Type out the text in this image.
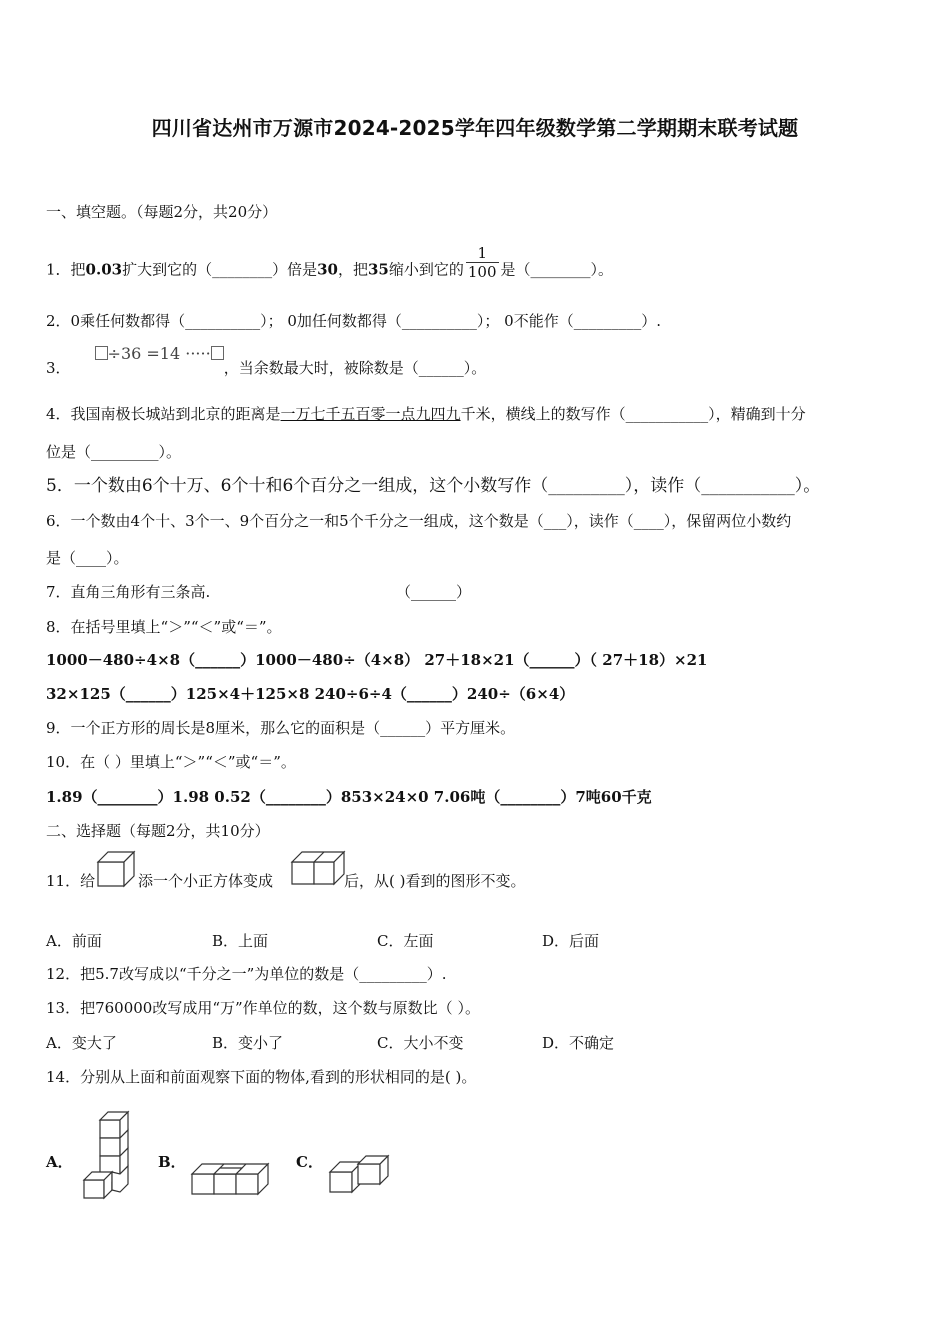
四川省达州市万源市2024-2025学年四年级数学第二学期期末联考试题
一、填空题。（每题2分，共20分）
1．把0.03扩大到它的（________）倍是30，把35缩小到它的 $\frac{1}{100}$ 是（________）。
2．0乘任何数都得（__________）； 0加任何数都得（__________）； 0不能作（_________）.
3．÷36 =14 ·····，当余数最大时，被除数是（______）。
4．我国南极长城站到北京的距离是一万七千五百零一点九四九千米，横线上的数写作（___________），精确到十分
位是（_________）。
5．一个数由6个十万、6个十和6个百分之一组成，这个小数写作（_________），读作（___________）。
6．一个数由4个十、3个一、9个百分之一和5个千分之一组成，这个数是（___），读作（____），保留两位小数约
是（____）。
7．直角三角形有三条高.	（______）
8．在括号里填上“＞”“＜”或“＝”。
1000－480÷4×8（______）1000－480÷（4×8） 27＋18×21（______）（ 27＋18）×21
32×125（______）125×4＋125×8 240÷6÷4（______）240÷（6×4）
9．一个正方形的周长是8厘米，那么它的面积是（______）平方厘米。
10．在（ ）里填上“＞”“＜”或“＝”。
1.89（________）1.98 0.52（________）853×24×0 7.06吨（________）7吨60千克
二、选择题（每题2分，共10分）
11．给	添一个小正方体变成	后，从( )看到的图形不变。
A．前面	B．上面	C．左面	D．后面
12．把5.7改写成以“千分之一”为单位的数是（_________）.
13．把760000改写成用“万”作单位的数，这个数与原数比（ ）。
A．变大了	B．变小了	C．大小不变	D．不确定
14．分别从上面和前面观察下面的物体,看到的形状相同的是( )。
A．	B．	C．
